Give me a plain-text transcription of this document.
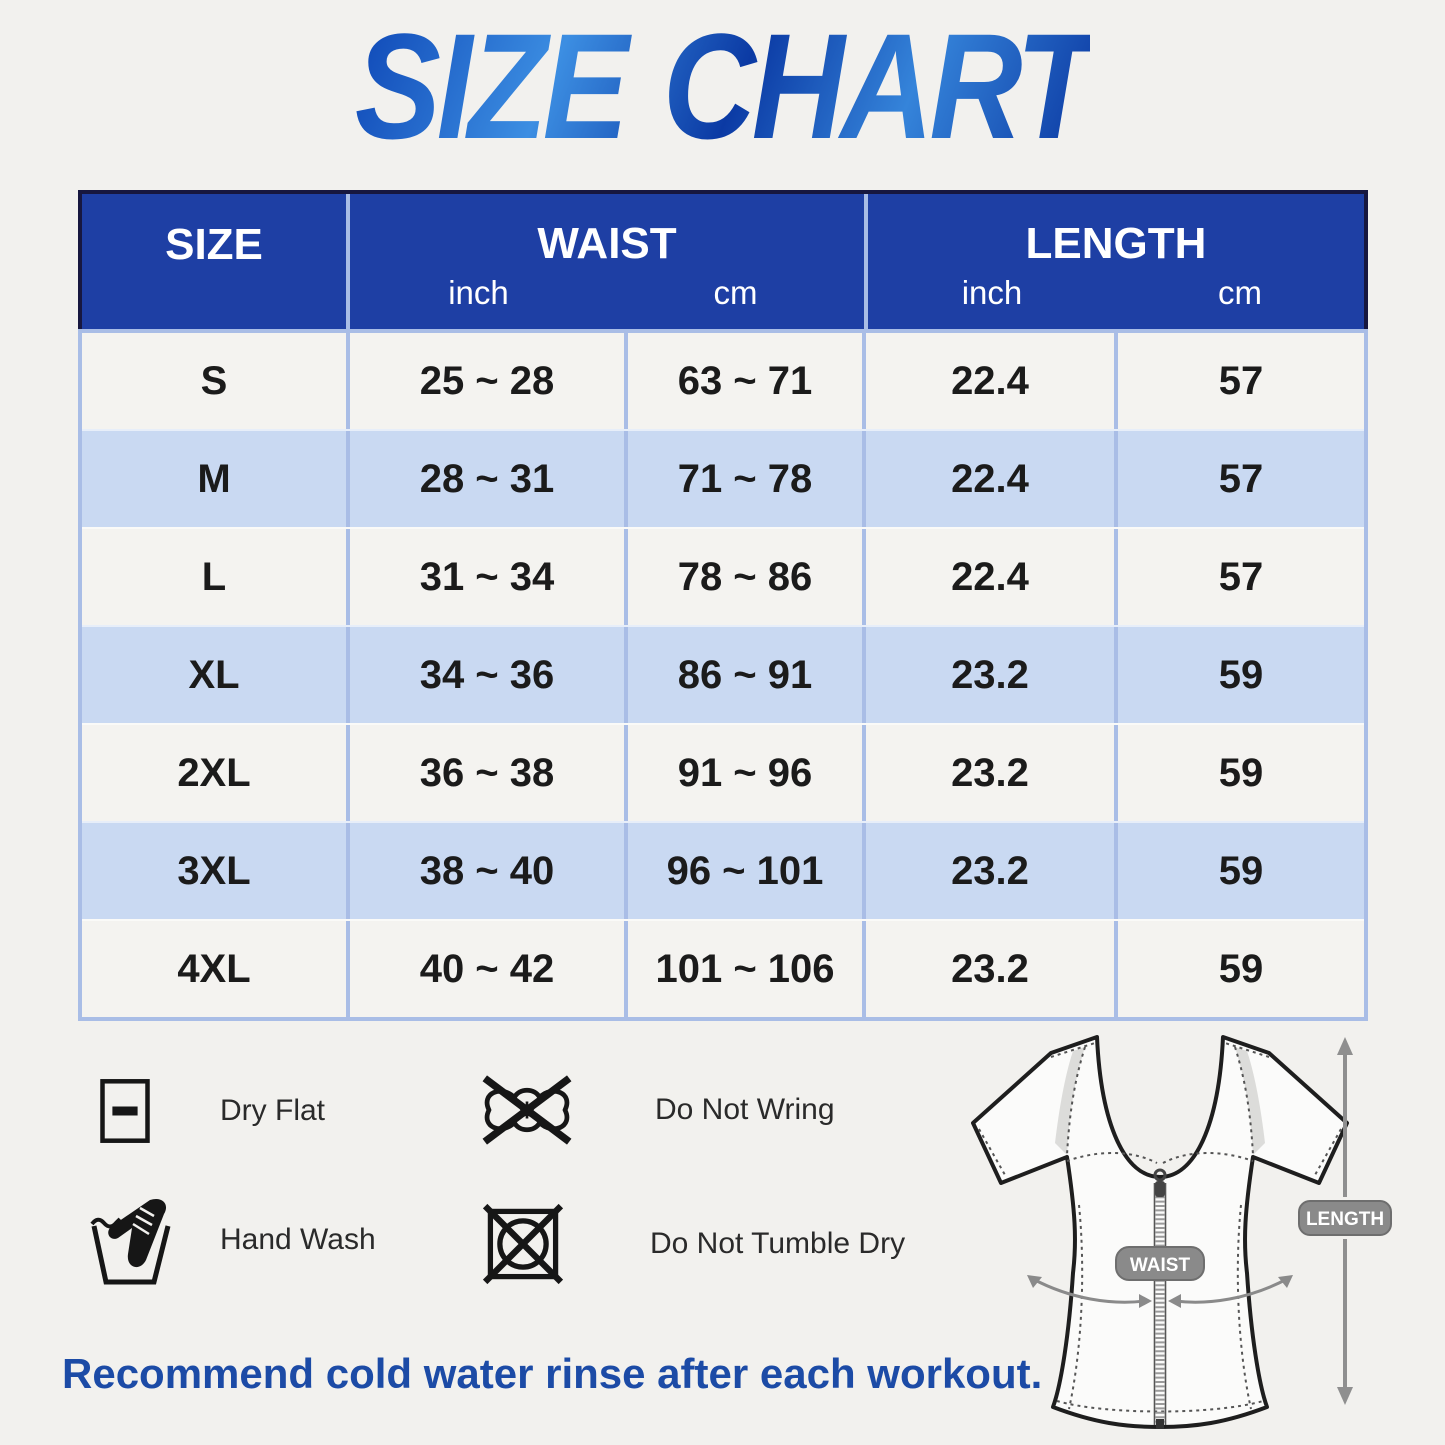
SIZE CHART
SIZE	WAIST
inch	cm
LENGTH
inch	cm
S	25 ~ 28	63 ~ 71	22.4	57
M	28 ~ 31	71 ~ 78	22.4	57
L	31 ~ 34	78 ~ 86	22.4	57
XL	34 ~ 36	86 ~ 91	23.2	59
2XL	36 ~ 38	91 ~ 96	23.2	59
3XL	38 ~ 40	96 ~ 101	23.2	59
4XL	40 ~ 42	101 ~ 106	23.2	59
Dry Flat	Do Not Wring
Hand Wash	Do Not Tumble Dry
WAIST
LENGTH
Recommend cold water rinse after each workout.
